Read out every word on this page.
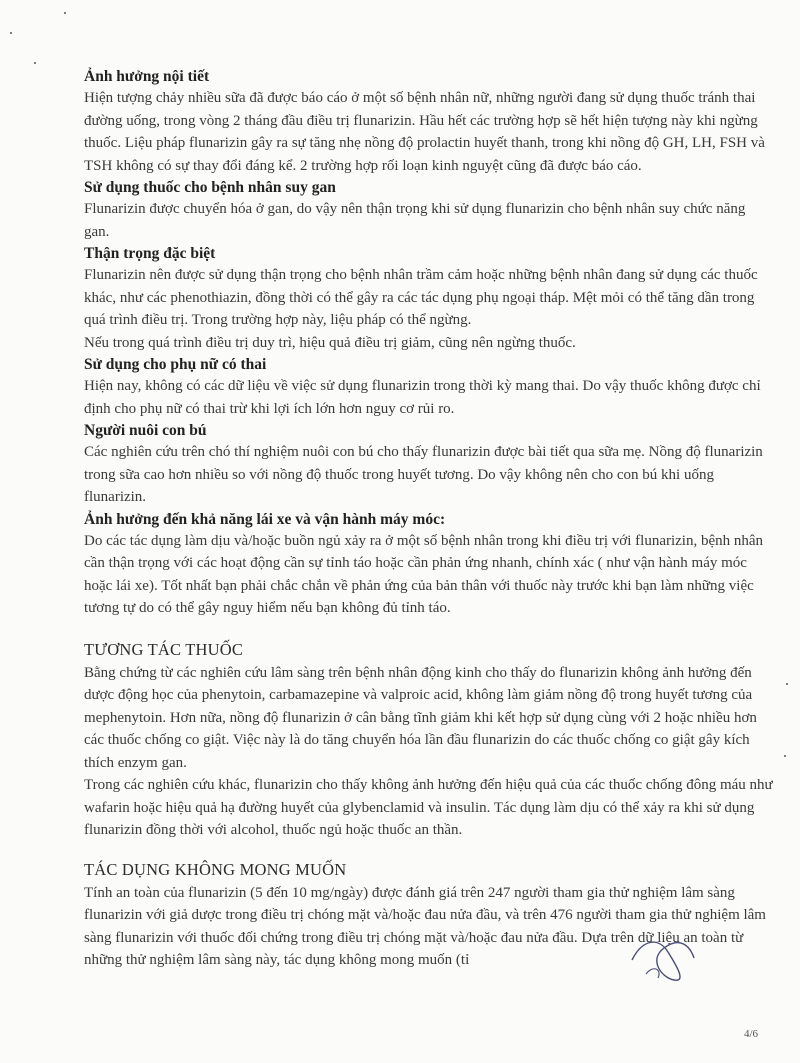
Ảnh hưởng nội tiết

Hiện tượng chảy nhiều sữa đã được báo cáo ở một số bệnh nhân nữ, những người đang sử dụng thuốc tránh thai đường uống, trong vòng 2 tháng đầu điều trị flunarizin. Hầu hết các trường hợp sẽ hết hiện tượng này khi ngừng thuốc. Liệu pháp flunarizin gây ra sự tăng nhẹ nồng độ prolactin huyết thanh, trong khi nồng độ GH, LH, FSH và TSH không có sự thay đổi đáng kể. 2 trường hợp rối loạn kinh nguyệt cũng đã được báo cáo.

Sử dụng thuốc cho bệnh nhân suy gan

Flunarizin được chuyển hóa ở gan, do vậy nên thận trọng khi sử dụng flunarizin cho bệnh nhân suy chức năng gan.

Thận trọng đặc biệt

Flunarizin nên được sử dụng thận trọng cho bệnh nhân trầm cảm hoặc những bệnh nhân đang sử dụng các thuốc khác, như các phenothiazin, đồng thời có thể gây ra các tác dụng phụ ngoại tháp. Mệt mỏi có thể tăng dần trong quá trình điều trị. Trong trường hợp này, liệu pháp có thể ngừng.

Nếu trong quá trình điều trị duy trì, hiệu quả điều trị giảm, cũng nên ngừng thuốc.

Sử dụng cho phụ nữ có thai

Hiện nay, không có các dữ liệu về việc sử dụng flunarizin trong thời kỳ mang thai. Do vậy thuốc không được chỉ định cho phụ nữ có thai trừ khi lợi ích lớn hơn nguy cơ rủi ro.

Người nuôi con bú

Các nghiên cứu trên chó thí nghiệm nuôi con bú cho thấy flunarizin được bài tiết qua sữa mẹ. Nồng độ flunarizin trong sữa cao hơn nhiều so với nồng độ thuốc trong huyết tương. Do vậy không nên cho con bú khi uống flunarizin.

Ảnh hưởng đến khả năng lái xe và vận hành máy móc:

Do các tác dụng làm dịu và/hoặc buồn ngủ xảy ra ở một số bệnh nhân trong khi điều trị với flunarizin, bệnh nhân cần thận trọng với các hoạt động cần sự tỉnh táo hoặc cần phản ứng nhanh, chính xác ( như vận hành máy móc hoặc lái xe). Tốt nhất bạn phải chắc chắn về phản ứng của bản thân với thuốc này trước khi bạn làm những việc tương tự do có thể gây nguy hiểm nếu bạn không đủ tỉnh táo.

TƯƠNG TÁC THUỐC

Bằng chứng từ các nghiên cứu lâm sàng trên bệnh nhân động kinh cho thấy do flunarizin không ảnh hưởng đến dược động học của phenytoin, carbamazepine và valproic acid, không làm giảm nồng độ trong huyết tương của mephenytoin. Hơn nữa, nồng độ flunarizin ở cân bằng tĩnh giảm khi kết hợp sử dụng cùng với 2 hoặc nhiều hơn các thuốc chống co giật. Việc này là do tăng chuyển hóa lần đầu flunarizin do các thuốc chống co giật gây kích thích enzym gan.

Trong các nghiên cứu khác, flunarizin cho thấy không ảnh hưởng đến hiệu quả của các thuốc chống đông máu như wafarin hoặc hiệu quả hạ đường huyết của glybenclamid và insulin. Tác dụng làm dịu có thể xảy ra khi sử dụng flunarizin đồng thời với alcohol, thuốc ngủ hoặc thuốc an thần.

TÁC DỤNG KHÔNG MONG MUỐN

Tính an toàn của flunarizin (5 đến 10 mg/ngày) được đánh giá trên 247 người tham gia thử nghiệm lâm sàng flunarizin với giả dược trong điều trị chóng mặt và/hoặc đau nửa đầu, và trên 476 người tham gia thử nghiệm lâm sàng flunarizin với thuốc đối chứng trong điều trị chóng mặt và/hoặc đau nửa đầu. Dựa trên dữ liệu an toàn từ những thử nghiệm lâm sàng này, tác dụng không mong muốn (tỉ

4/6
